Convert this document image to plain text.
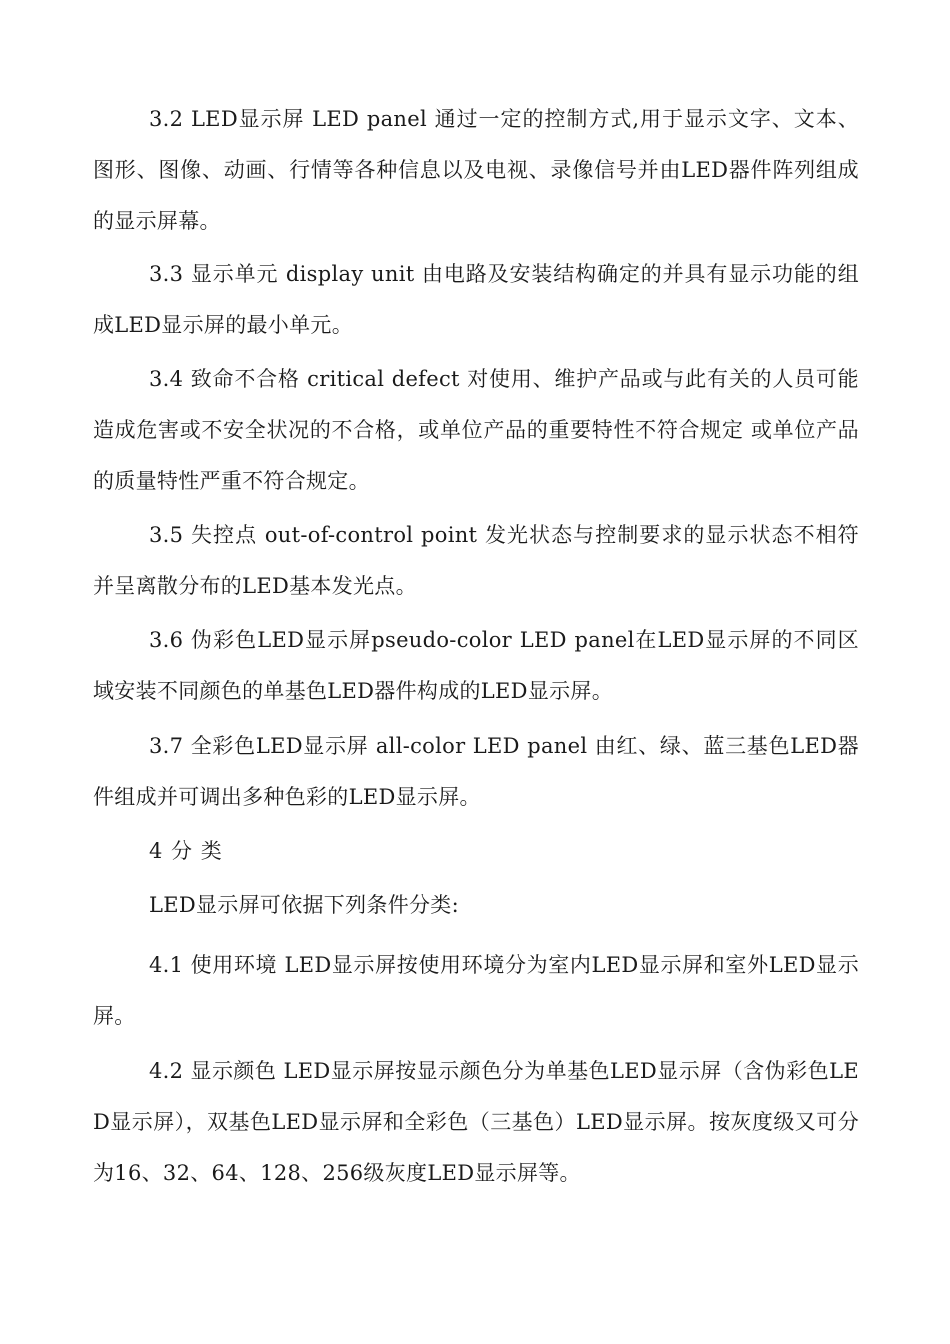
3.2 LED显示屏 LED panel 通过一定的控制方式,用于显示文字、文本、图形、图像、动画、行情等各种信息以及电视、录像信号并由LED器件阵列组成的显示屏幕。

3.3 显示单元 display unit 由电路及安装结构确定的并具有显示功能的组成LED显示屏的最小单元。

3.4 致命不合格 critical defect 对使用、维护产品或与此有关的人员可能造成危害或不安全状况的不合格，或单位产品的重要特性不符合规定 或单位产品的质量特性严重不符合规定。

3.5 失控点 out-of-control point 发光状态与控制要求的显示状态不相符并呈离散分布的LED基本发光点。

3.6 伪彩色LED显示屏pseudo-color LED panel在LED显示屏的不同区域安装不同颜色的单基色LED器件构成的LED显示屏。

3.7 全彩色LED显示屏 all-color LED panel 由红、绿、蓝三基色LED器件组成并可调出多种色彩的LED显示屏。

4 分 类

LED显示屏可依据下列条件分类:

4.1 使用环境 LED显示屏按使用环境分为室内LED显示屏和室外LED显示屏。

4.2 显示颜色 LED显示屏按显示颜色分为单基色LED显示屏（含伪彩色LED显示屏），双基色LED显示屏和全彩色（三基色）LED显示屏。按灰度级又可分为16、32、64、128、256级灰度LED显示屏等。
